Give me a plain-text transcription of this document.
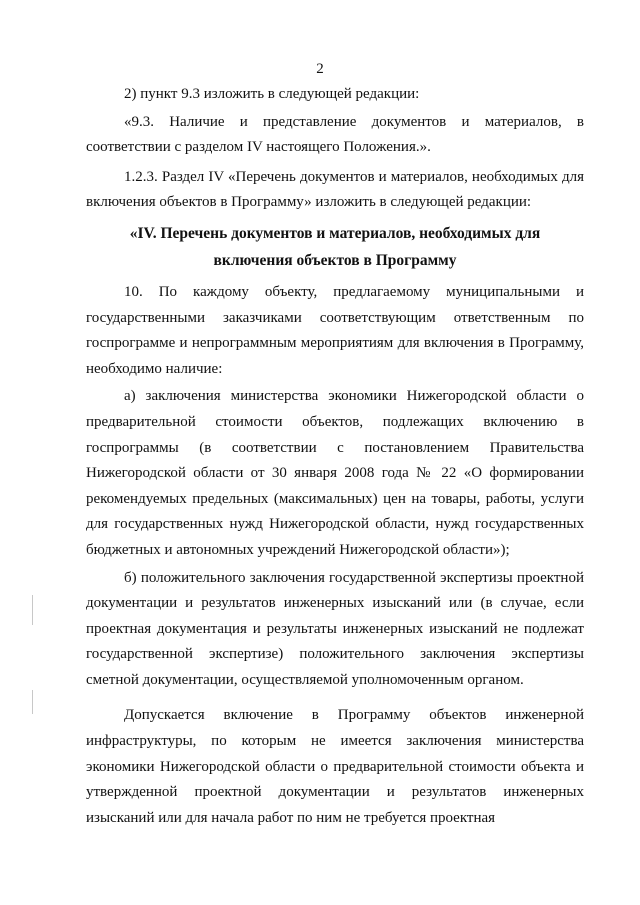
2

2) пункт 9.3 изложить в следующей редакции:

«9.3. Наличие и представление документов и материалов, в соответствии с разделом IV настоящего Положения.».

1.2.3. Раздел IV «Перечень документов и материалов, необходимых для включения объектов в Программу» изложить в следующей редакции:

«IV. Перечень документов и материалов, необходимых для
включения объектов в Программу

10. По каждому объекту, предлагаемому муниципальными и государственными заказчиками соответствующим ответственным по госпрограмме и непрограммным мероприятиям для включения в Программу, необходимо наличие:

а) заключения министерства экономики Нижегородской области о предварительной стоимости объектов, подлежащих включению в госпрограммы (в соответствии с постановлением Правительства Нижегородской области от 30 января 2008 года № 22 «О формировании рекомендуемых предельных (максимальных) цен на товары, работы, услуги для государственных нужд Нижегородской области, нужд государственных бюджетных и автономных учреждений Нижегородской области»);

б) положительного заключения государственной экспертизы проектной документации и результатов инженерных изысканий или (в случае, если проектная документация и результаты инженерных изысканий не подлежат государственной экспертизе) положительного заключения экспертизы сметной документации, осуществляемой уполномоченным органом.

Допускается включение в Программу объектов инженерной инфраструктуры, по которым не имеется заключения министерства экономики Нижегородской области о предварительной стоимости объекта и утвержденной проектной документации и результатов инженерных изысканий или для начала работ по ним не требуется проектная
